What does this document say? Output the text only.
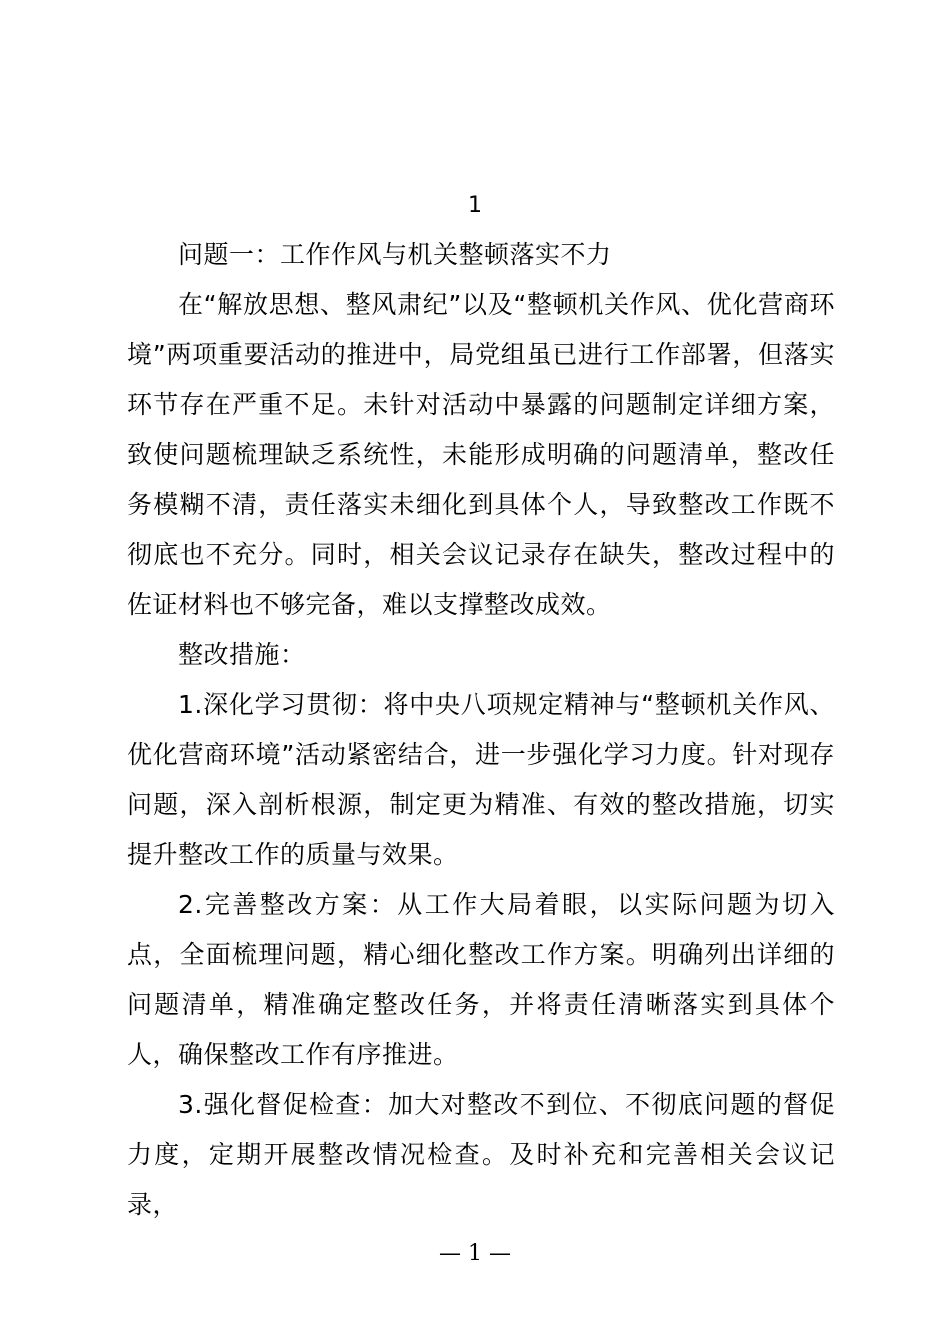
1

问题一：工作作风与机关整顿落实不力

在“解放思想、整风肃纪”以及“整顿机关作风、优化营商环境”两项重要活动的推进中，局党组虽已进行工作部署，但落实环节存在严重不足。未针对活动中暴露的问题制定详细方案，致使问题梳理缺乏系统性，未能形成明确的问题清单，整改任务模糊不清，责任落实未细化到具体个人，导致整改工作既不彻底也不充分。同时，相关会议记录存在缺失，整改过程中的佐证材料也不够完备，难以支撑整改成效。

整改措施：

1.深化学习贯彻：将中央八项规定精神与“整顿机关作风、优化营商环境”活动紧密结合，进一步强化学习力度。针对现存问题，深入剖析根源，制定更为精准、有效的整改措施，切实提升整改工作的质量与效果。

2.完善整改方案：从工作大局着眼，以实际问题为切入点，全面梳理问题，精心细化整改工作方案。明确列出详细的问题清单，精准确定整改任务，并将责任清晰落实到具体个人，确保整改工作有序推进。

3.强化督促检查：加大对整改不到位、不彻底问题的督促力度，定期开展整改情况检查。及时补充和完善相关会议记录，

— 1 —
